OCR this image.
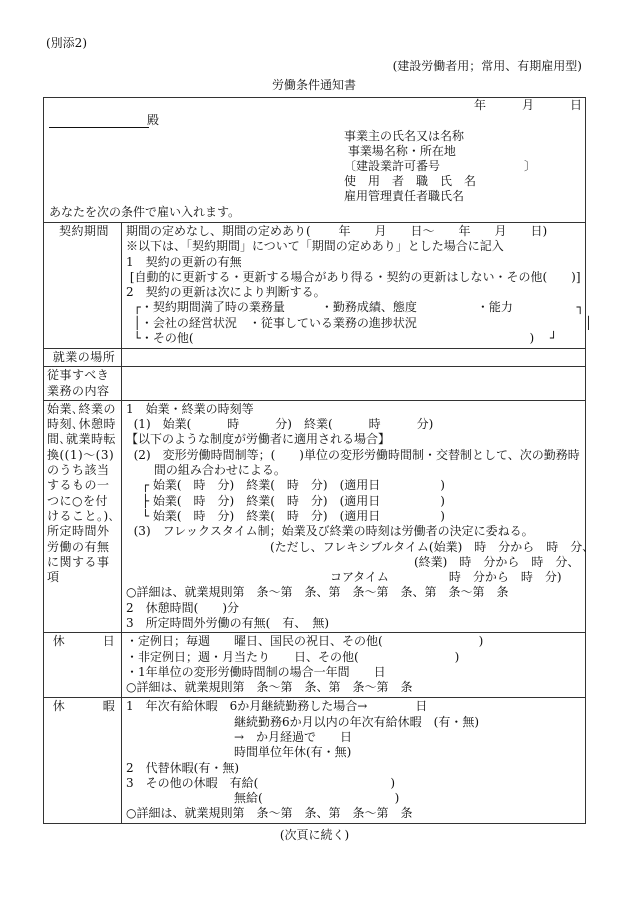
(別添2)
(建設労働者用；常用、有期雇用型)
労働条件通知書
年　　　月　　　日
殿
事業主の氏名又は名称
事業場名称・所在地
〔建設業許可番号　　　　　　　〕
使　用　者　職　氏　名
雇用管理責任者職氏名
あなたを次の条件で雇い入れます。
契約期間	期間の定めなし、期間の定めあり(　　 年　　月　　日～　　年　　月　　日)
※以下は、「契約期間」について「期間の定めあり」とした場合に記入
1　契約の更新の有無
[自動的に更新する・更新する場合があり得る・契約の更新はしない・その他(　　)]
2　契約の更新は次により判断する。
┌・契約期間満了時の業務量　　　・勤務成績、態度　　　　　・能力　　　　　 ┐
│・会社の経営状況　・従事している業務の進捗状況　　　　　　　　　　　　　　│
└・その他(　　　　　　　　　　　　　　　　　　　　　　　　　　　　)　 ┘
就業の場所
従事すべき
業務の内容
始業､終業の
時刻､休憩時
間､就業時転
換((1)～(3)
のうち該当
するもの一
つに○を付
けること。)､
所定時間外
労働の有無
に関する事
項
1　始業・終業の時刻等
(1)　始業(　　　時　　　分)　終業(　　　時　　　分)
【以下のような制度が労働者に適用される場合】
(2)　変形労働時間制等；(　　)単位の変形労働時間制・交替制として、次の勤務時
　　 間の組み合わせによる。
　 ┌ 始業(　時　分)　終業(　時　分)　(適用日　　　　　)
　 ├ 始業(　時　分)　終業(　時　分)　(適用日　　　　　)
　 └ 始業(　時　分)　終業(　時　分)　(適用日　　　　　)
(3)　フレックスタイム制；始業及び終業の時刻は労働者の決定に委ねる。
　　　　　　　　　　　　(ただし、フレキシブルタイム(始業)　時　分から　時　分、
　　　　　　　　　　　　　　　　　　　　　　　　(終業)　時　分から　時　分、
　　　　　　　　　　　　　　　　　コアタイム　　　　　時　分から　時　分)
○詳細は、就業規則第　条～第　条、第　条～第　条、第　条～第　条
2　休憩時間(　　)分
3　所定時間外労働の有無(　有、　無)
休　　　日 ・定例日；毎週　　曜日、国民の祝日、その他(　　　　　　　　)
・非定例日；週・月当たり　　日、その他(　　　　　　　　)
・1年単位の変形労働時間制の場合一年間　　日
○詳細は、就業規則第　条～第　条、第　条～第　条
休　　　暇 1　年次有給休暇　6か月継続勤務した場合→　　　　日
　　　　　　　　　継続勤務6か月以内の年次有給休暇　(有・無)
　　　　　　　　　→　か月経過で　　日
　　　　　　　　　時間単位年休(有・無)
2　代替休暇(有・無)
3　その他の休暇　有給(　　　　　　　　　　　)
　　　　　　　　　無給(　　　　　　　　　　　)
○詳細は、就業規則第　条～第　条、第　条～第　条
(次頁に続く)
